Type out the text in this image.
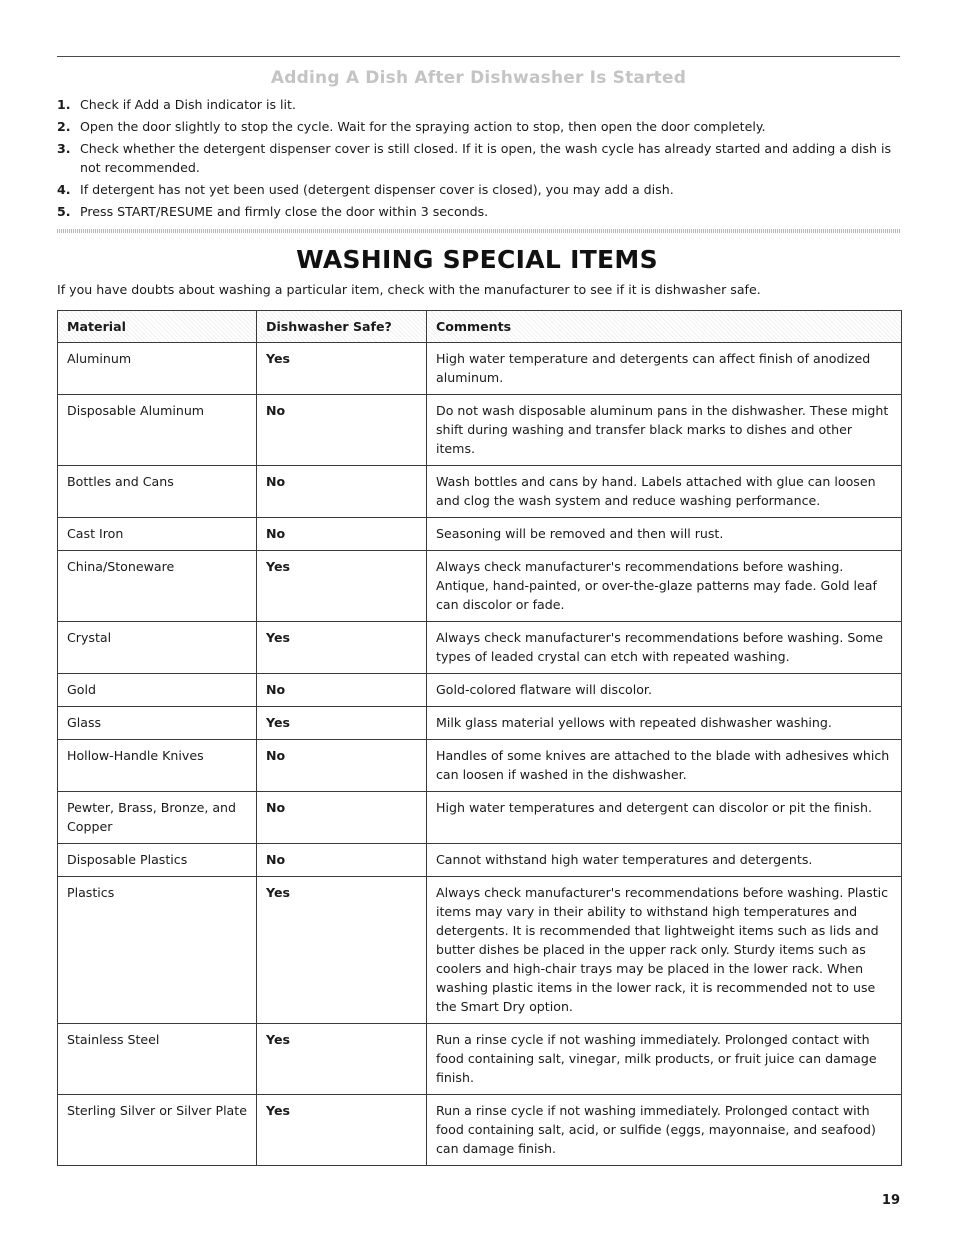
Adding A Dish After Dishwasher Is Started
1. Check if Add a Dish indicator is lit.
2. Open the door slightly to stop the cycle. Wait for the spraying action to stop, then open the door completely.
3. Check whether the detergent dispenser cover is still closed. If it is open, the wash cycle has already started and adding a dish is not recommended.
4. If detergent has not yet been used (detergent dispenser cover is closed), you may add a dish.
5. Press START/RESUME and firmly close the door within 3 seconds.
WASHING SPECIAL ITEMS
If you have doubts about washing a particular item, check with the manufacturer to see if it is dishwasher safe.
Material	Dishwasher Safe?	Comments
Aluminum	Yes	High water temperature and detergents can affect finish of anodized aluminum.
Disposable Aluminum	No	Do not wash disposable aluminum pans in the dishwasher. These might shift during washing and transfer black marks to dishes and other items.
Bottles and Cans	No	Wash bottles and cans by hand. Labels attached with glue can loosen and clog the wash system and reduce washing performance.
Cast Iron	No	Seasoning will be removed and then will rust.
China/Stoneware	Yes	Always check manufacturer's recommendations before washing. Antique, hand-painted, or over-the-glaze patterns may fade. Gold leaf can discolor or fade.
Crystal	Yes	Always check manufacturer's recommendations before washing. Some types of leaded crystal can etch with repeated washing.
Gold	No	Gold-colored flatware will discolor.
Glass	Yes	Milk glass material yellows with repeated dishwasher washing.
Hollow-Handle Knives	No	Handles of some knives are attached to the blade with adhesives which can loosen if washed in the dishwasher.
Pewter, Brass, Bronze, and Copper	No	High water temperatures and detergent can discolor or pit the finish.
Disposable Plastics	No	Cannot withstand high water temperatures and detergents.
Plastics	Yes	Always check manufacturer's recommendations before washing. Plastic items may vary in their ability to withstand high temperatures and detergents. It is recommended that lightweight items such as lids and butter dishes be placed in the upper rack only. Sturdy items such as coolers and high-chair trays may be placed in the lower rack. When washing plastic items in the lower rack, it is recommended not to use the Smart Dry option.
Stainless Steel	Yes	Run a rinse cycle if not washing immediately. Prolonged contact with food containing salt, vinegar, milk products, or fruit juice can damage finish.
Sterling Silver or Silver Plate	Yes	Run a rinse cycle if not washing immediately. Prolonged contact with food containing salt, acid, or sulfide (eggs, mayonnaise, and seafood) can damage finish.
19
